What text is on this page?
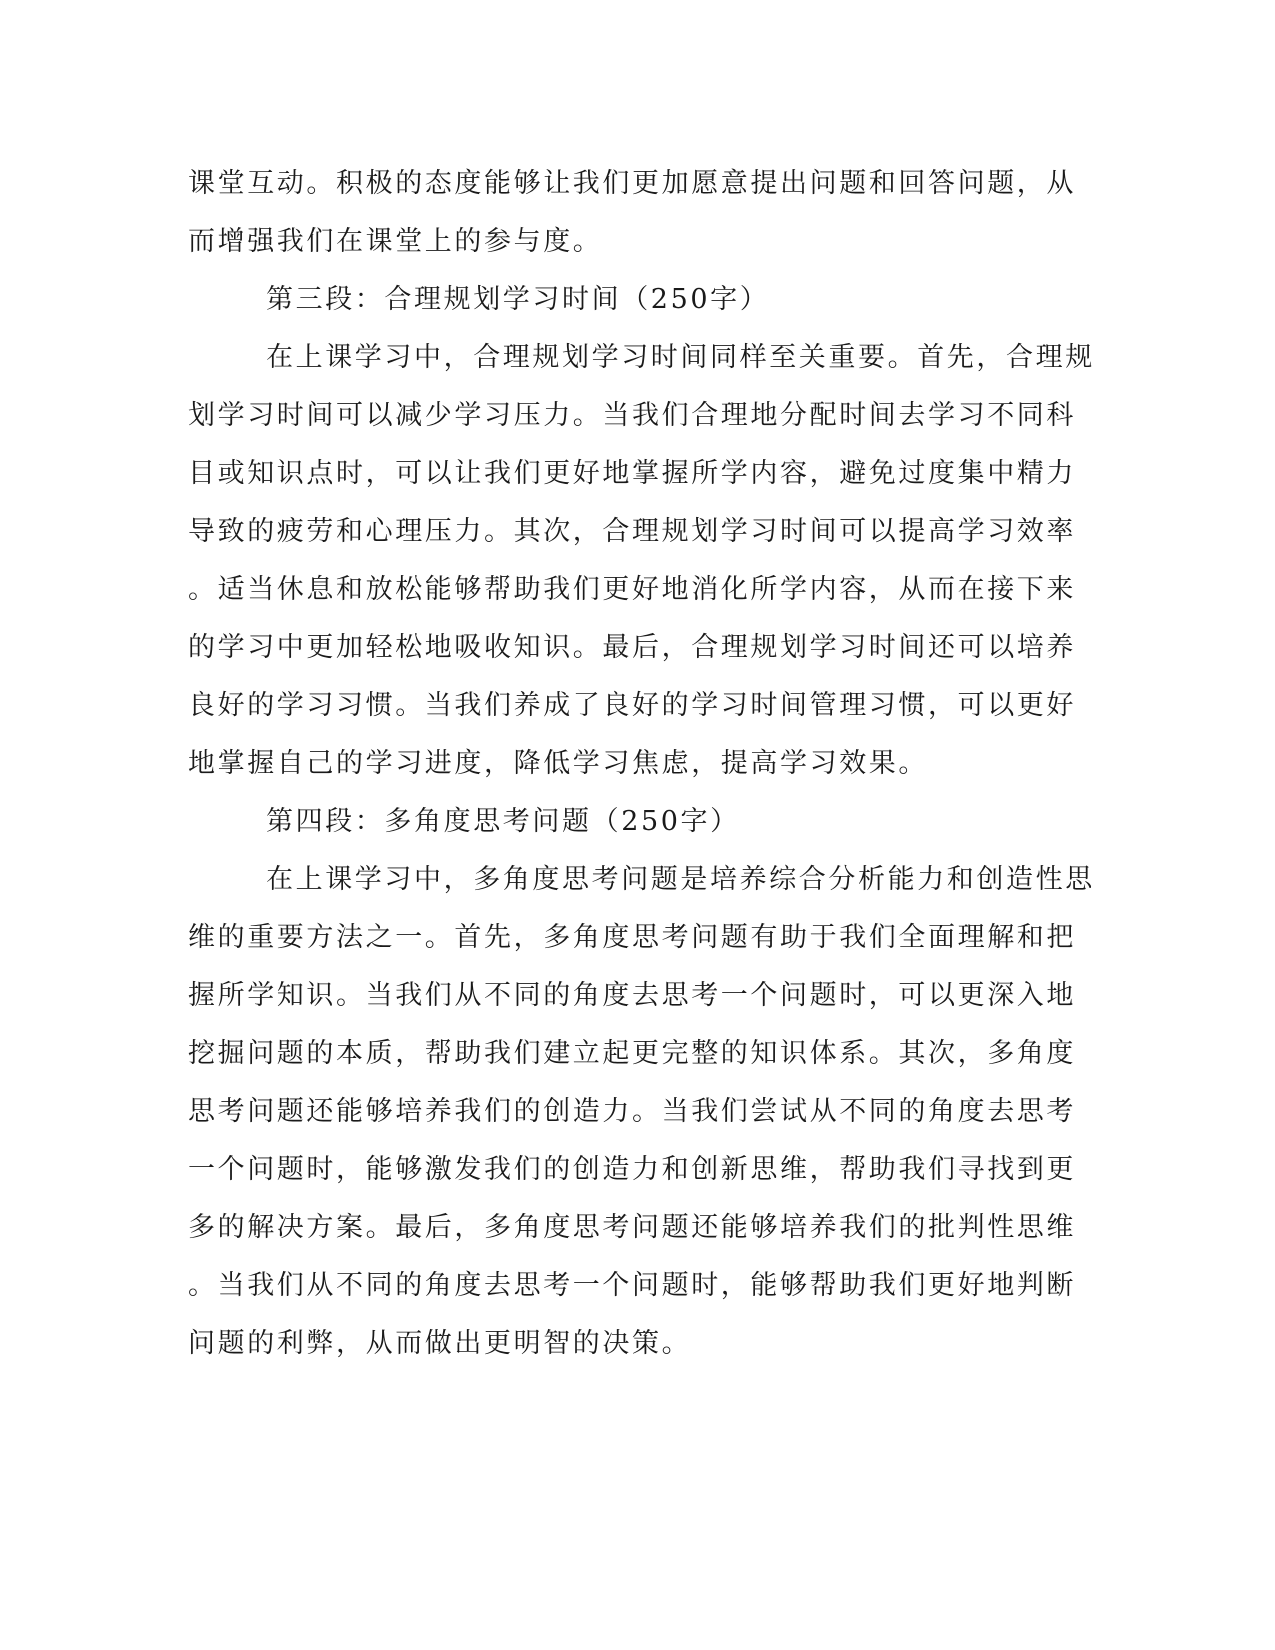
课堂互动。积极的态度能够让我们更加愿意提出问题和回答问题，从
而增强我们在课堂上的参与度。
第三段：合理规划学习时间（250字）
在上课学习中，合理规划学习时间同样至关重要。首先，合理规
划学习时间可以减少学习压力。当我们合理地分配时间去学习不同科
目或知识点时，可以让我们更好地掌握所学内容，避免过度集中精力
导致的疲劳和心理压力。其次，合理规划学习时间可以提高学习效率
。适当休息和放松能够帮助我们更好地消化所学内容，从而在接下来
的学习中更加轻松地吸收知识。最后，合理规划学习时间还可以培养
良好的学习习惯。当我们养成了良好的学习时间管理习惯，可以更好
地掌握自己的学习进度，降低学习焦虑，提高学习效果。
第四段：多角度思考问题（250字）
在上课学习中，多角度思考问题是培养综合分析能力和创造性思
维的重要方法之一。首先，多角度思考问题有助于我们全面理解和把
握所学知识。当我们从不同的角度去思考一个问题时，可以更深入地
挖掘问题的本质，帮助我们建立起更完整的知识体系。其次，多角度
思考问题还能够培养我们的创造力。当我们尝试从不同的角度去思考
一个问题时，能够激发我们的创造力和创新思维，帮助我们寻找到更
多的解决方案。最后，多角度思考问题还能够培养我们的批判性思维
。当我们从不同的角度去思考一个问题时，能够帮助我们更好地判断
问题的利弊，从而做出更明智的决策。
